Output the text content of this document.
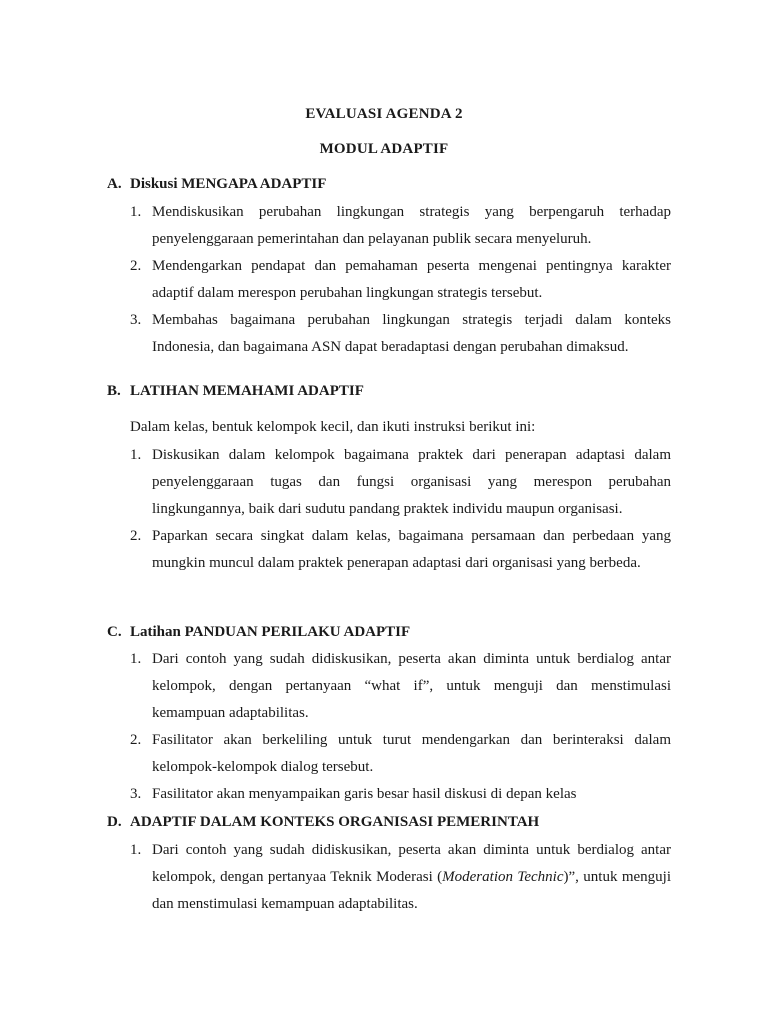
EVALUASI AGENDA 2
MODUL ADAPTIF
A. Diskusi MENGAPA ADAPTIF
1. Mendiskusikan perubahan lingkungan strategis yang berpengaruh terhadap penyelenggaraan pemerintahan dan pelayanan publik secara menyeluruh.
2. Mendengarkan pendapat dan pemahaman peserta mengenai pentingnya karakter adaptif dalam merespon perubahan lingkungan strategis tersebut.
3. Membahas bagaimana perubahan lingkungan strategis terjadi dalam konteks Indonesia, dan bagaimana ASN dapat beradaptasi dengan perubahan dimaksud.
B. LATIHAN MEMAHAMI ADAPTIF
Dalam kelas, bentuk kelompok kecil, dan ikuti instruksi berikut ini:
1. Diskusikan dalam kelompok bagaimana praktek dari penerapan adaptasi dalam penyelenggaraan tugas dan fungsi organisasi yang merespon perubahan lingkungannya, baik dari sudutu pandang praktek individu maupun organisasi.
2. Paparkan secara singkat dalam kelas, bagaimana persamaan dan perbedaan yang mungkin muncul dalam praktek penerapan adaptasi dari organisasi yang berbeda.
C. Latihan PANDUAN PERILAKU ADAPTIF
1. Dari contoh yang sudah didiskusikan, peserta akan diminta untuk berdialog antar kelompok, dengan pertanyaan “what if”, untuk menguji dan menstimulasi kemampuan adaptabilitas.
2. Fasilitator akan berkeliling untuk turut mendengarkan dan berinteraksi dalam kelompok-kelompok dialog tersebut.
3. Fasilitator akan menyampaikan garis besar hasil diskusi di depan kelas
D. ADAPTIF DALAM KONTEKS ORGANISASI PEMERINTAH
1. Dari contoh yang sudah didiskusikan, peserta akan diminta untuk berdialog antar kelompok, dengan pertanyaa Teknik Moderasi (Moderation Technic)”, untuk menguji dan menstimulasi kemampuan adaptabilitas.
